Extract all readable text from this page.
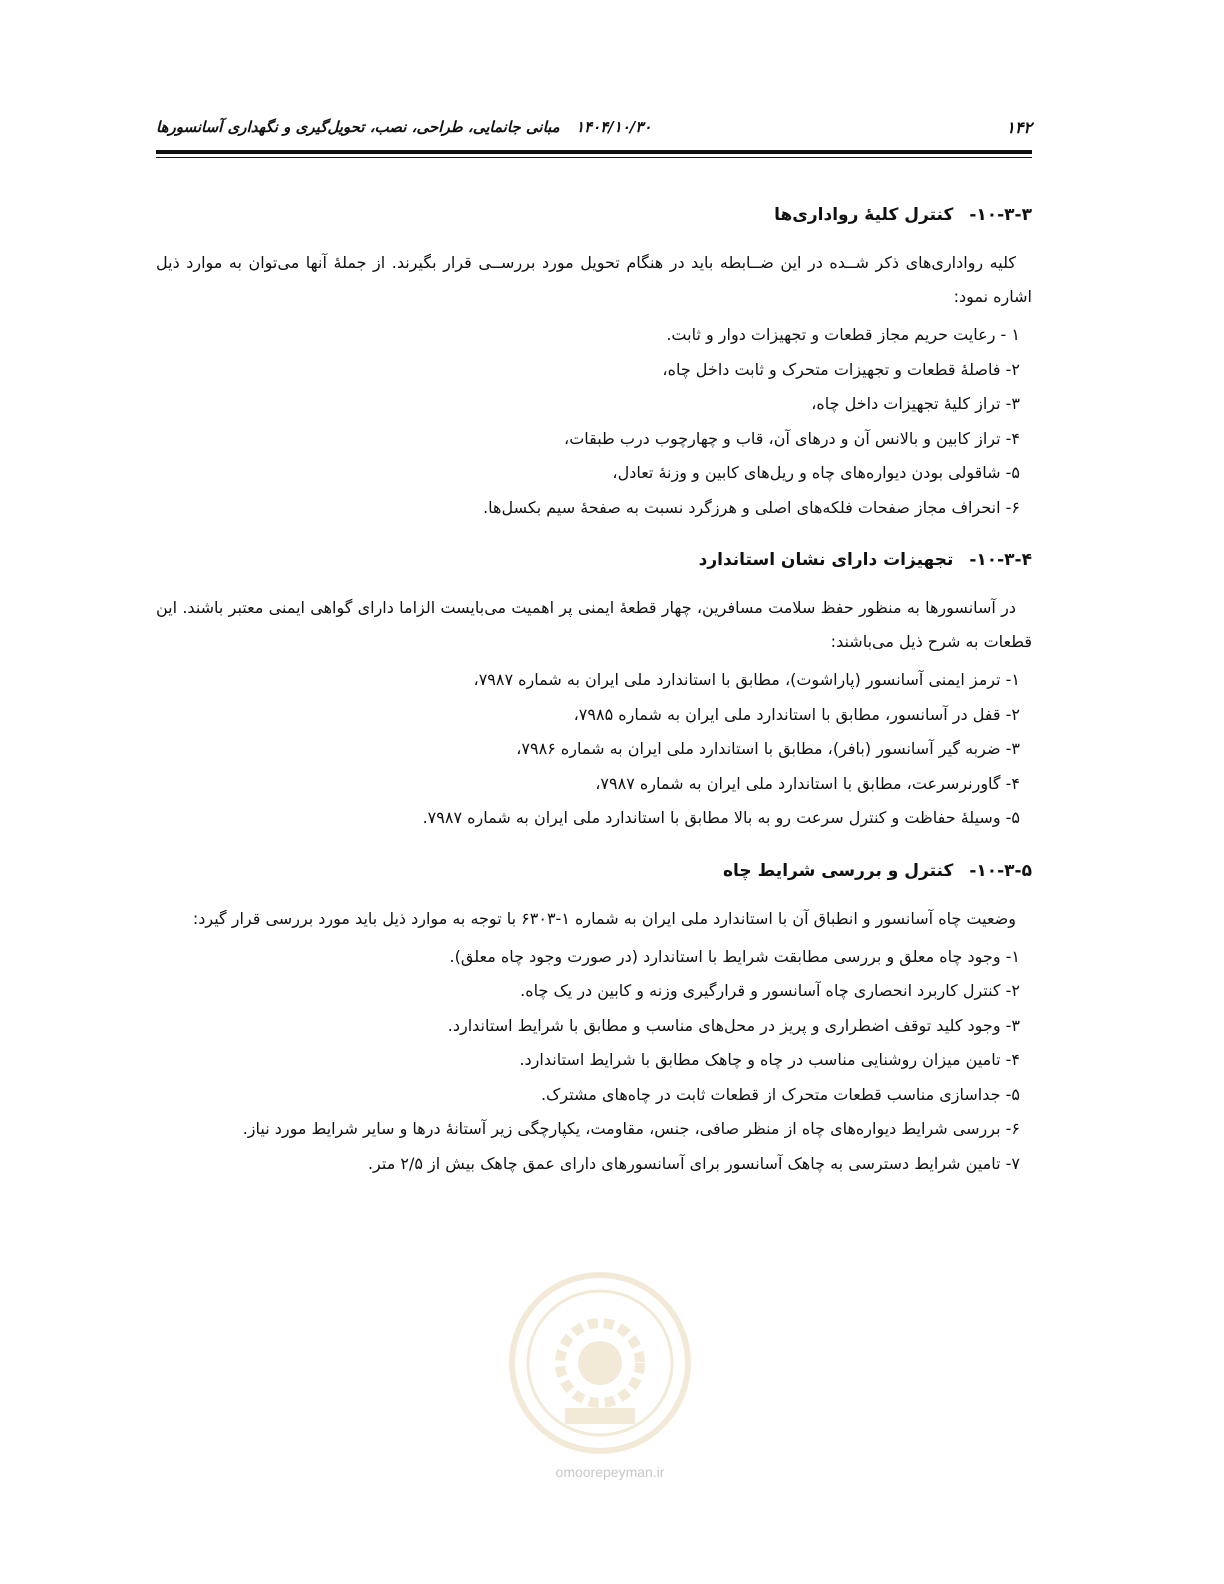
مبانی جانمایی، طراحی، نصب، تحویل‌گیری و نگهداری آسانسورها ۱۴۰۴/۱۰/۳۰	۱۴۲
۱۰-۳-۳- کنترل کلیهٔ رواداری‌ها

کلیه رواداری‌های ذکر شــده در این ضــابطه باید در هنگام تحویل مورد بررســی قرار بگیرند. از جملهٔ آنها می‌توان به موارد ذیل اشاره نمود:

۱ - رعایت حریم مجاز قطعات و تجهیزات دوار و ثابت.
۲- فاصلهٔ قطعات و تجهیزات متحرک و ثابت داخل چاه،
۳- تراز کلیهٔ تجهیزات داخل چاه،
۴- تراز کابین و بالانس آن و درهای آن، قاب و چهارچوب درب طبقات،
۵- شاقولی بودن دیواره‌های چاه و ریل‌های کابین و وزنهٔ تعادل،
۶- انحراف مجاز صفحات فلکه‌های اصلی و هرزگرد نسبت به صفحهٔ سیم بکسل‌ها.
۱۰-۳-۴- تجهیزات دارای نشان استاندارد

در آسانسورها به منظور حفظ سلامت مسافرین، چهار قطعهٔ ایمنی پر اهمیت می‌بایست الزاما دارای گواهی ایمنی معتبر باشند. این قطعات به شرح ذیل می‌باشند:

۱- ترمز ایمنی آسانسور (پاراشوت)، مطابق با استاندارد ملی ایران به شماره ۷۹۸۷،
۲- قفل در آسانسور، مطابق با استاندارد ملی ایران به شماره ۷۹۸۵،
۳- ضربه گیر آسانسور (بافر)، مطابق با استاندارد ملی ایران به شماره ۷۹۸۶،
۴- گاورنرسرعت، مطابق با استاندارد ملی ایران به شماره ۷۹۸۷،
۵- وسیلهٔ حفاظت و کنترل سرعت رو به بالا مطابق با استاندارد ملی ایران به شماره ۷۹۸۷.
۱۰-۳-۵- کنترل و بررسی شرایط چاه

وضعیت چاه آسانسور و انطباق آن با استاندارد ملی ایران به شماره ۱-۶۳۰۳ با توجه به موارد ذیل باید مورد بررسی قرار گیرد:

۱- وجود چاه معلق و بررسی مطابقت شرایط با استاندارد (در صورت وجود چاه معلق).
۲- کنترل کاربرد انحصاری چاه آسانسور و قرارگیری وزنه و کابین در یک چاه.
۳- وجود کلید توقف اضطراری و پریز در محل‌های مناسب و مطابق با شرایط استاندارد.
۴- تامین میزان روشنایی مناسب در چاه و چاهک مطابق با شرایط استاندارد.
۵- جداسازی مناسب قطعات متحرک از قطعات ثابت در چاه‌های مشترک.
۶- بررسی شرایط دیواره‌های چاه از منظر صافی، جنس، مقاومت، یکپارچگی زیر آستانهٔ درها و سایر شرایط مورد نیاز.
۷- تامین شرایط دسترسی به چاهک آسانسور برای آسانسورهای دارای عمق چاهک بیش از ۲/۵ متر.
omoorepeyman.ir
